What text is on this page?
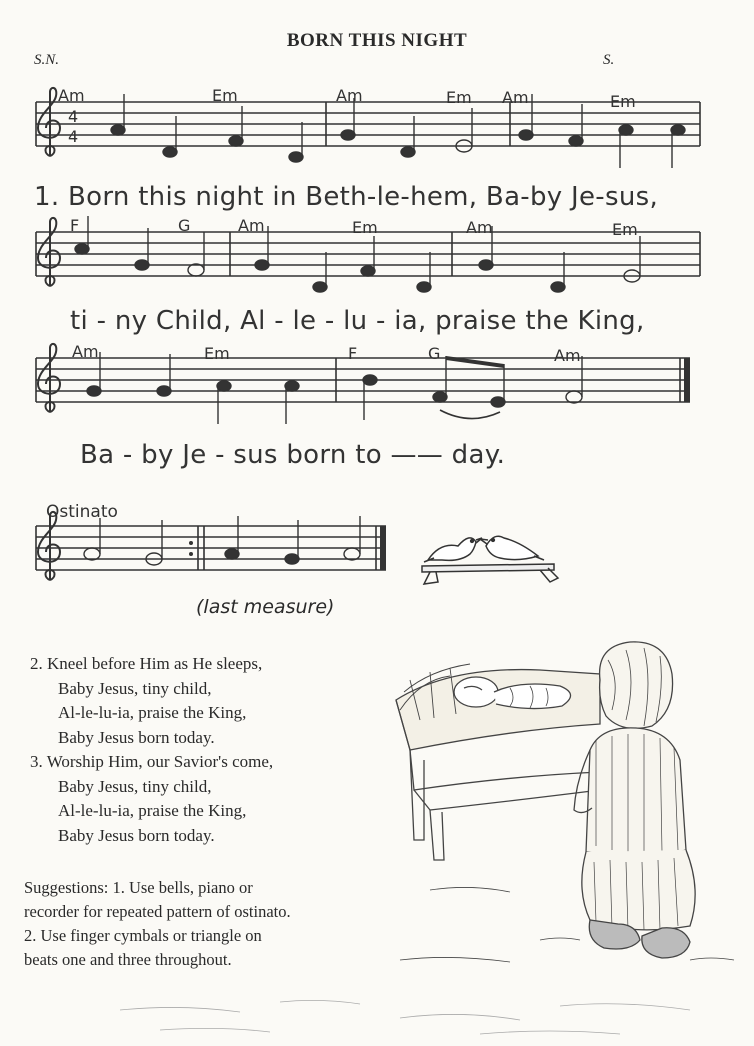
BORN THIS NIGHT
S.N.	S.
4
4
Am	Em	Am	Em Am	Em
1. Born this night in Beth-le-hem, Ba-by Je-sus,
F	G	Am	Em	Am	Em
ti - ny Child, Al - le - lu - ia, praise the King,
Am	Em	F	G	Am
Ba - by Je - sus born to —— day.
Ostinato
(last measure)
2. Kneel before Him as He sleeps,
Baby Jesus, tiny child,
Al-le-lu-ia, praise the King,
Baby Jesus born today.
3. Worship Him, our Savior's come,
Baby Jesus, tiny child,
Al-le-lu-ia, praise the King,
Baby Jesus born today.
Suggestions: 1. Use bells, piano or
recorder for repeated pattern of ostinato.
2. Use finger cymbals or triangle on
beats one and three throughout.
